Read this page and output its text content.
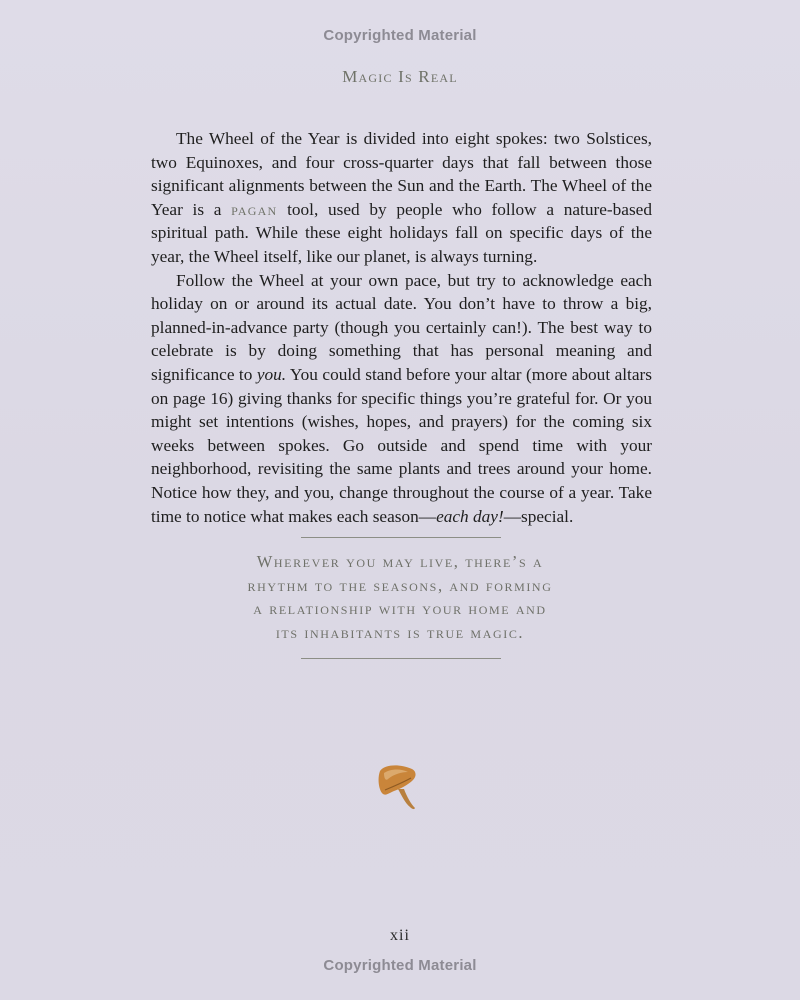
Copyrighted Material
Magic Is Real

The Wheel of the Year is divided into eight spokes: two Solstices, two Equinoxes, and four cross-quarter days that fall between those significant alignments between the Sun and the Earth. The Wheel of the Year is a pagan tool, used by people who follow a nature-based spiritual path. While these eight holidays fall on specific days of the year, the Wheel itself, like our planet, is always turning.

Follow the Wheel at your own pace, but try to acknowledge each holiday on or around its actual date. You don’t have to throw a big, planned-in-advance party (though you certainly can!). The best way to celebrate is by doing something that has personal meaning and significance to you. You could stand before your altar (more about altars on page 16) giving thanks for specific things you’re grateful for. Or you might set intentions (wishes, hopes, and prayers) for the coming six weeks between spokes. Go outside and spend time with your neighborhood, revisiting the same plants and trees around your home. Notice how they, and you, change throughout the course of a year. Take time to notice what makes each season—each day!—special.

Wherever you may live, there’s a
rhythm to the seasons, and forming
a relationship with your home and
its inhabitants is true magic.
xii
Copyrighted Material
